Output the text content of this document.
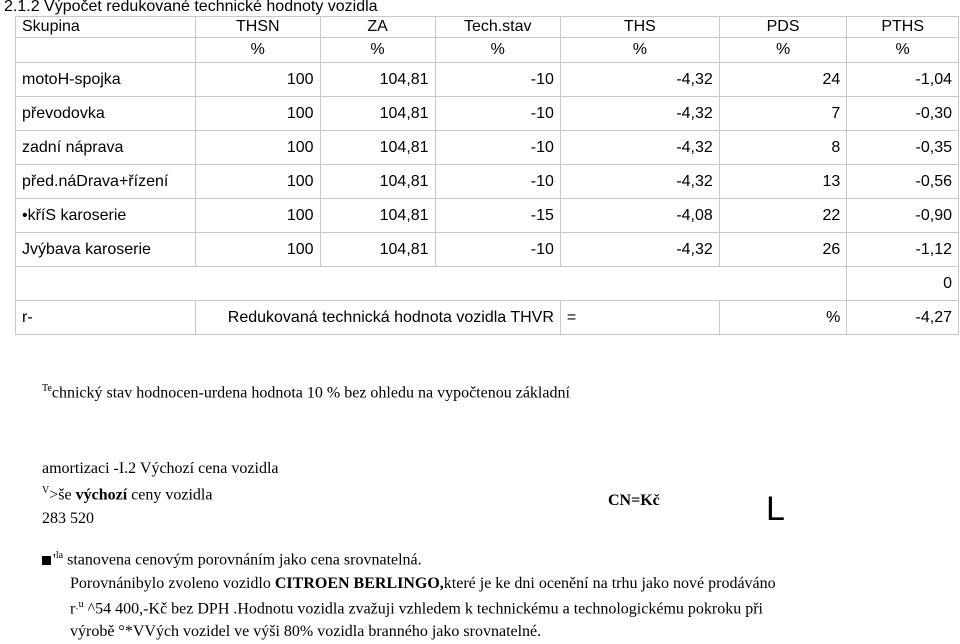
2.1.2 Výpočet redukované technické hodnoty vozidla
Skupina	THSN	ZA	Tech.stav	THS	PDS	PTHS
	%	%	%	%	%	%
motoH-spojka	100	104,81	-10	-4,32	24	-1,04
převodovka	100	104,81	-10	-4,32	7	-0,30
zadní náprava	100	104,81	-10	-4,32	8	-0,35
před.náDrava+řízení	100	104,81	-10	-4,32	13	-0,56
•kříS karoserie	100	104,81	-15	-4,08	22	-0,90
Jvýbava karoserie	100	104,81	-10	-4,32	26	-1,12
						0
r-	Redukovaná technická hodnota vozidla THVR			=	%	-4,27
$^{Te}$chnický stav hodnocen-urdena hodnota 10 % bez ohledu na vypočtenou základní
amortizaci -I.2 Výchozí cena vozidla
$^V$>še výchozí ceny vozidla	CN=Kč
283 520	L
'$^{la}$ stanovena cenovým porovnáním jako cena srovnatelná.
Porovnánibylo zvoleno vozidlo CITROEN BERLINGO,které je ke dni ocenění na trhu jako nové prodáváno
$r^{ˎu}$ ^54 400,-Kč bez DPH .Hodnotu vozidla zvažuji vzhledem k technickému a technologickému pokroku při
výrobě °*VVých vozidel ve výši 80% vozidla branného jako srovnatelné.
